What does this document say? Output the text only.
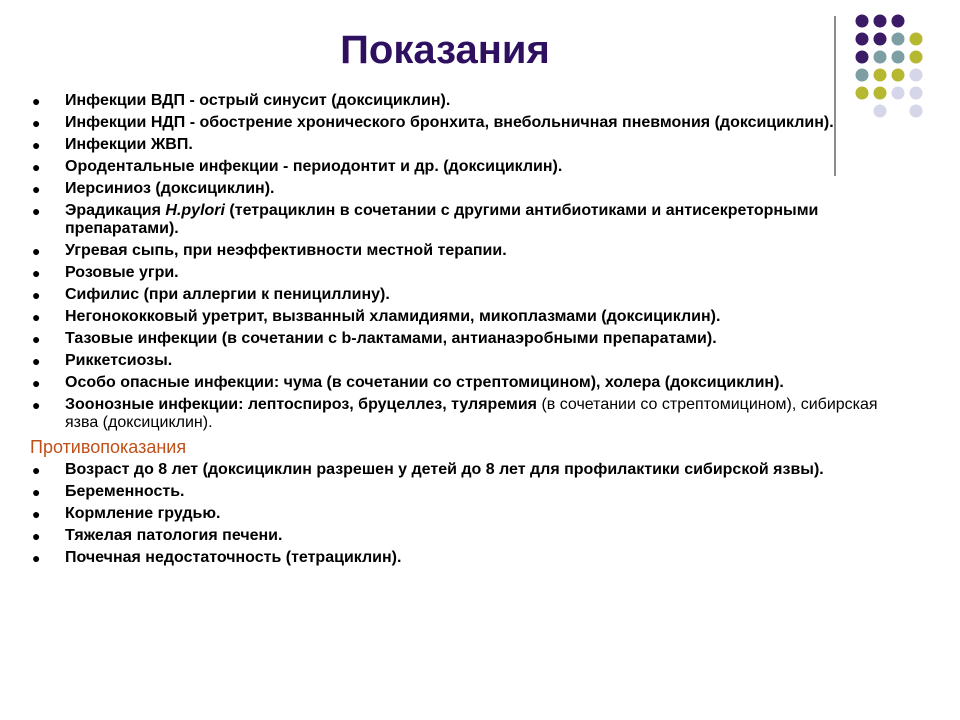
Показания
● Инфекции ВДП - острый синусит (доксициклин).
● Инфекции НДП - обострение хронического бронхита, внебольничная пневмония (доксициклин).
● Инфекции ЖВП.
● Ородентальные инфекции - периодонтит и др. (доксициклин).
● Иерсиниоз (доксициклин).
● Эрадикация H.pylori (тетрациклин в сочетании с другими антибиотиками и антисекреторными препаратами).
● Угревая сыпь, при неэффективности местной терапии.
● Розовые угри.
● Сифилис (при аллергии к пенициллину).
● Негонококковый уретрит, вызванный хламидиями, микоплазмами (доксициклин).
● Тазовые инфекции (в сочетании с b-лактамами, антианаэробными препаратами).
● Риккетсиозы.
● Особо опасные инфекции: чума (в сочетании со стрептомицином), холера (доксициклин).
● Зоонозные инфекции: лептоспироз, бруцеллез, туляремия (в сочетании со стрептомицином), сибирская язва (доксициклин).
Противопоказания
● Возраст до 8 лет (доксициклин разрешен у детей до 8 лет для профилактики сибирской язвы).
● Беременность.
● Кормление грудью.
● Тяжелая патология печени.
● Почечная недостаточность (тетрациклин).
